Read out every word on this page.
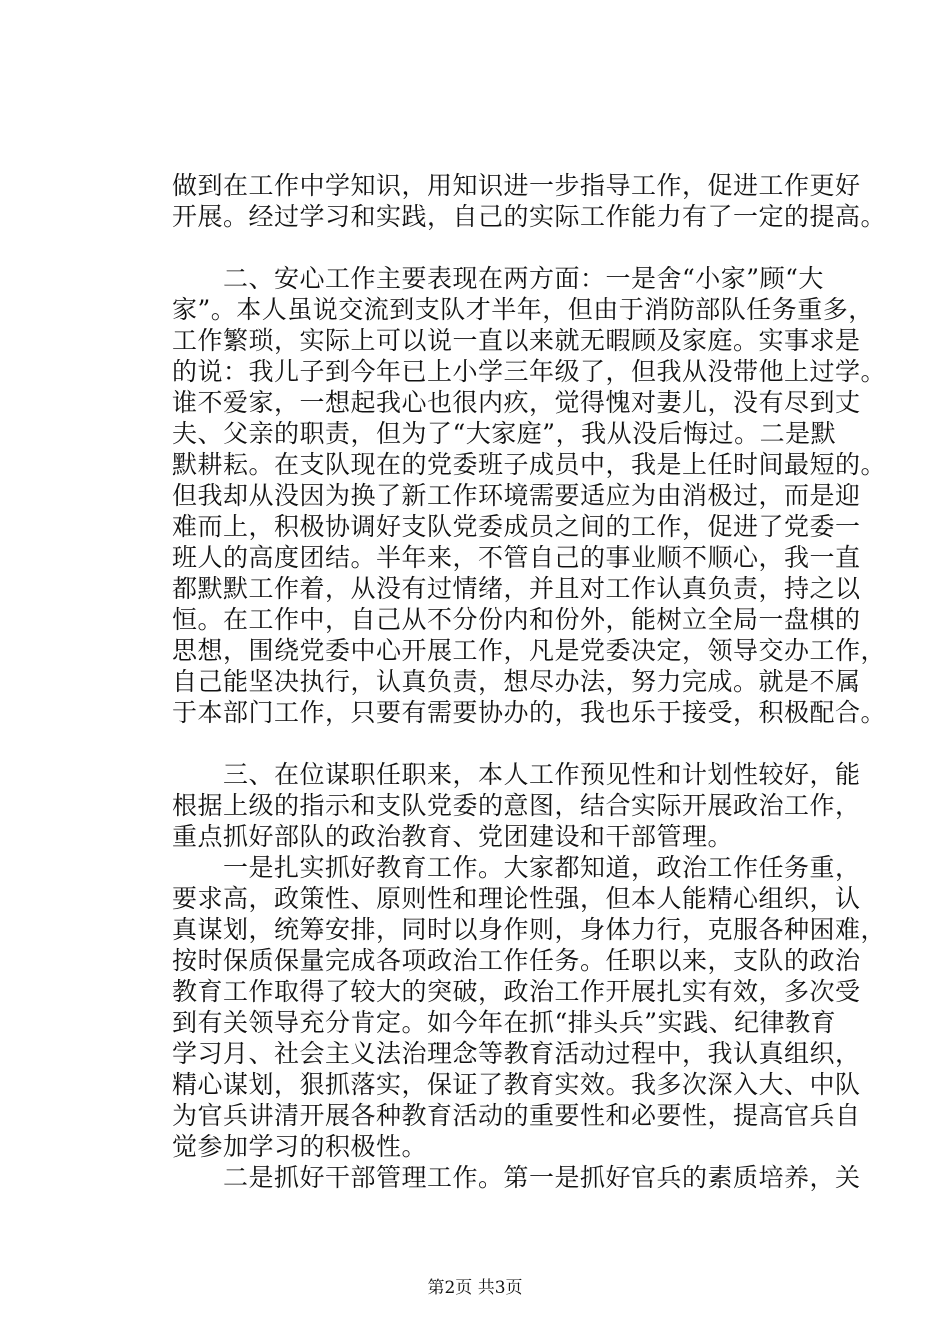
做到在工作中学知识，用知识进一步指导工作，促进工作更好
开展。经过学习和实践，自己的实际工作能力有了一定的提高。
　　二、安心工作主要表现在两方面：一是舍“小家”顾“大
家”。本人虽说交流到支队才半年，但由于消防部队任务重多，
工作繁琐，实际上可以说一直以来就无暇顾及家庭。实事求是
的说：我儿子到今年已上小学三年级了，但我从没带他上过学。
谁不爱家，一想起我心也很内疚，觉得愧对妻儿，没有尽到丈
夫、父亲的职责，但为了“大家庭”，我从没后悔过。二是默
默耕耘。在支队现在的党委班子成员中，我是上任时间最短的。
但我却从没因为换了新工作环境需要适应为由消极过，而是迎
难而上，积极协调好支队党委成员之间的工作，促进了党委一
班人的高度团结。半年来，不管自己的事业顺不顺心，我一直
都默默工作着，从没有过情绪，并且对工作认真负责，持之以
恒。在工作中，自己从不分份内和份外，能树立全局一盘棋的
思想，围绕党委中心开展工作，凡是党委决定，领导交办工作，
自己能坚决执行，认真负责，想尽办法，努力完成。就是不属
于本部门工作，只要有需要协办的，我也乐于接受，积极配合。
　　三、在位谋职任职来，本人工作预见性和计划性较好，能
根据上级的指示和支队党委的意图，结合实际开展政治工作，
重点抓好部队的政治教育、党团建设和干部管理。
　　一是扎实抓好教育工作。大家都知道，政治工作任务重，
要求高，政策性、原则性和理论性强，但本人能精心组织，认
真谋划，统筹安排，同时以身作则，身体力行，克服各种困难，
按时保质保量完成各项政治工作任务。任职以来，支队的政治
教育工作取得了较大的突破，政治工作开展扎实有效，多次受
到有关领导充分肯定。如今年在抓“排头兵”实践、纪律教育
学习月、社会主义法治理念等教育活动过程中，我认真组织，
精心谋划，狠抓落实，保证了教育实效。我多次深入大、中队
为官兵讲清开展各种教育活动的重要性和必要性，提高官兵自
觉参加学习的积极性。
　　二是抓好干部管理工作。第一是抓好官兵的素质培养，关
第2页 共3页
